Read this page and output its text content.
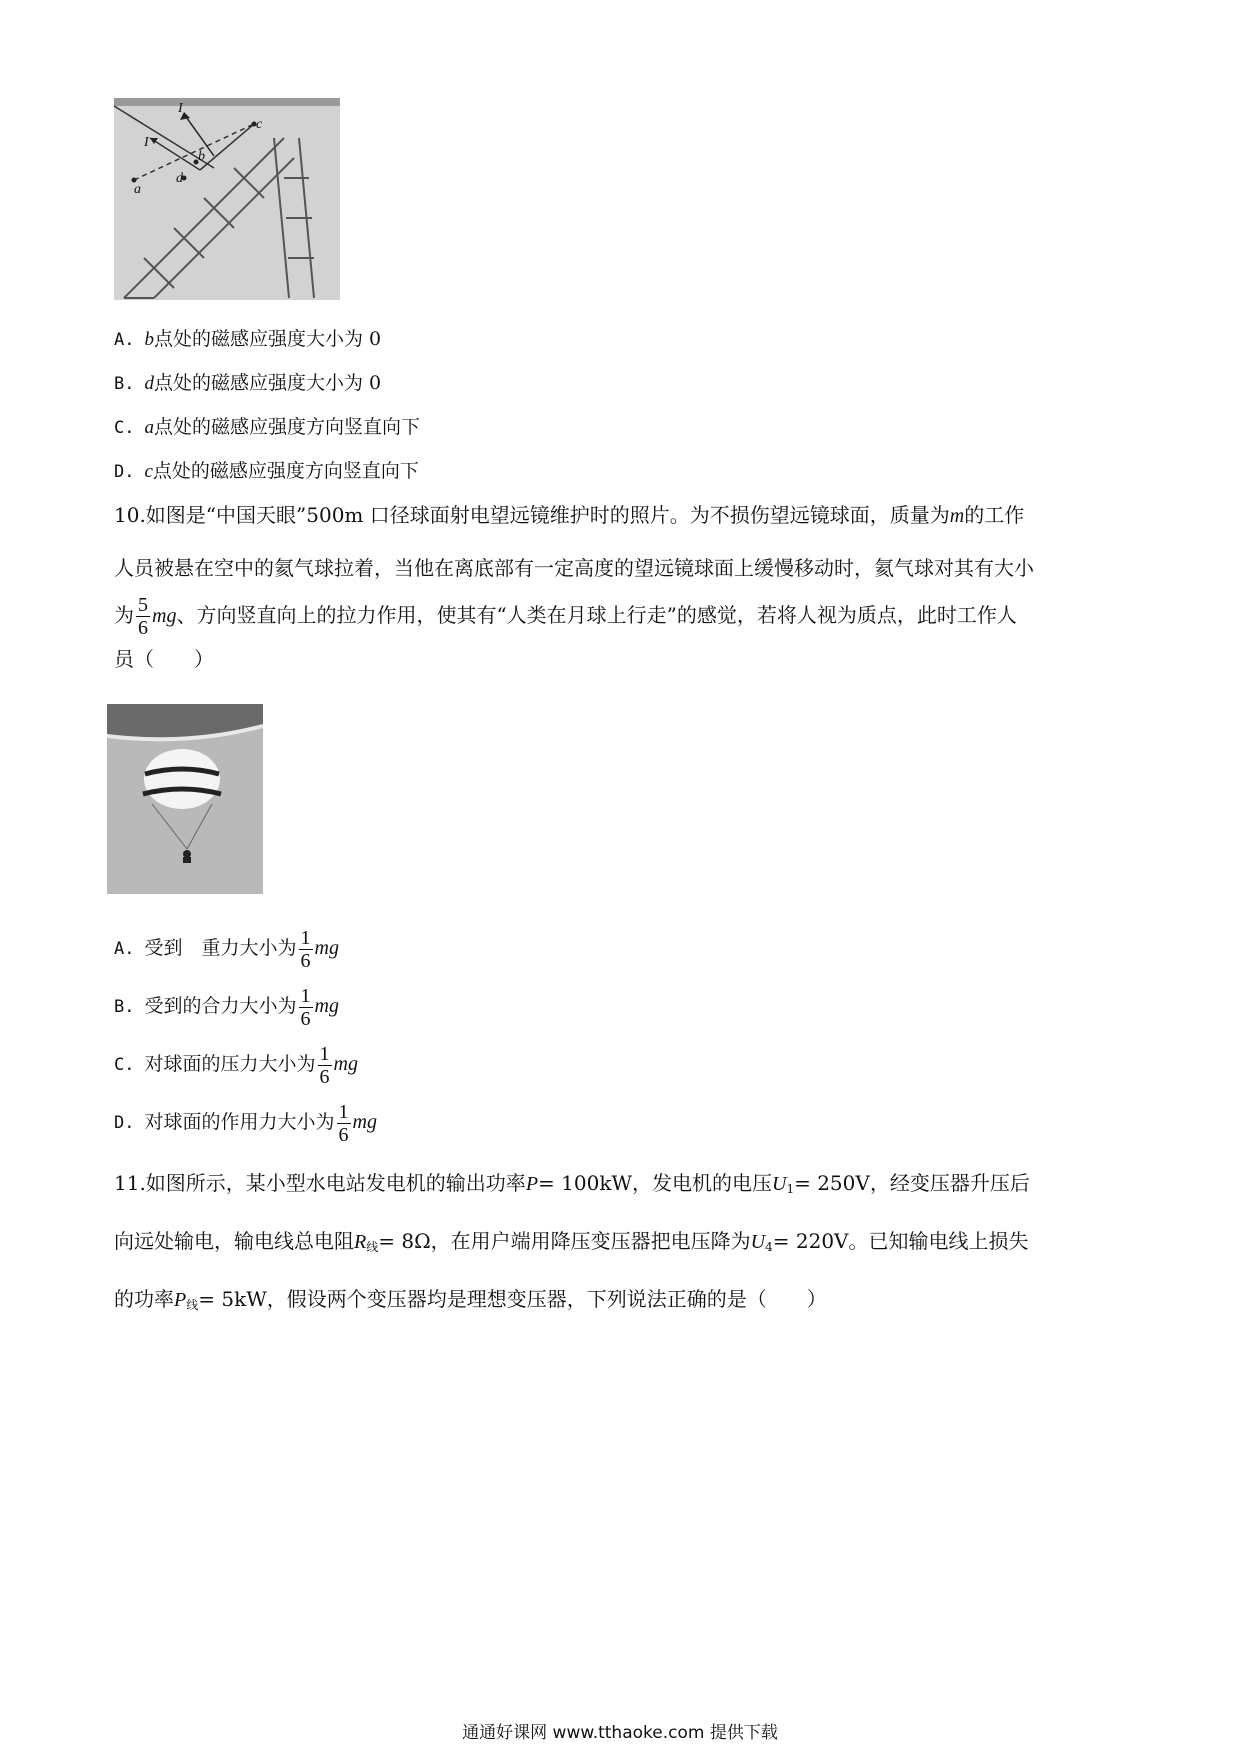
I
I
a
b
c
d
A. b点处的磁感应强度大小为 0
B. d点处的磁感应强度大小为 0
C. a点处的磁感应强度方向竖直向下
D. c点处的磁感应强度方向竖直向下
10.如图是“中国天眼”500m 口径球面射电望远镜维护时的照片。为不损伤望远镜球面，质量为m的工作
人员被悬在空中的氦气球拉着，当他在离底部有一定高度的望远镜球面上缓慢移动时，氦气球对其有大小
为 $\frac{5}{6}$ mg、方向竖直向上的拉力作用，使其有“人类在月球上行走”的感觉，若将人视为质点，此时工作人
员（　　）
A. 受到　重力大小为 $\frac{1}{6}$ mg
B. 受到的合力大小为 $\frac{1}{6}$ mg
C. 对球面的压力大小为 $\frac{1}{6}$ mg
D. 对球面的作用力大小为 $\frac{1}{6}$ mg
11.如图所示，某小型水电站发电机的输出功率P= 100kW，发电机的电压$U_1= 250V$，经变压器升压后
向远处输电，输电线总电阻$R_线= 8\Omega$，在用户端用降压变压器把电压降为$U_4= 220V$。已知输电线上损失
的功率$P_线= 5kW$，假设两个变压器均是理想变压器，下列说法正确的是（　　）
通通好课网 www.tthaoke.com 提供下载
